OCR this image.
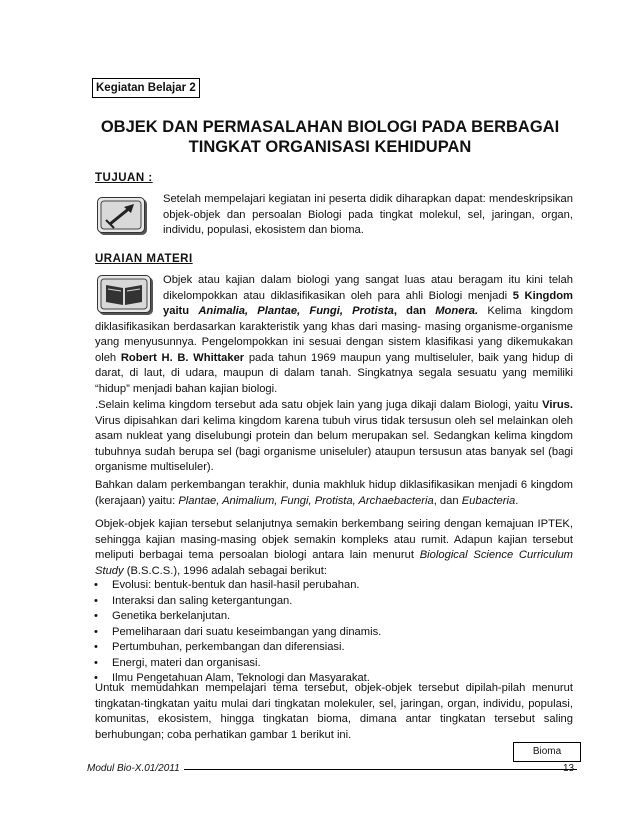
Kegiatan Belajar 2
OBJEK DAN PERMASALAHAN BIOLOGI PADA BERBAGAI
TINGKAT ORGANISASI KEHIDUPAN
TUJUAN :
Setelah mempelajari kegiatan ini peserta didik diharapkan dapat: mendeskripsikan objek-objek dan persoalan Biologi pada tingkat molekul, sel, jaringan, organ, individu, populasi, ekosistem dan bioma.
URAIAN MATERI
Objek atau kajian dalam biologi yang sangat luas atau beragam itu kini telah dikelompokkan atau diklasifikasikan oleh para ahli Biologi menjadi 5 Kingdom yaitu Animalia, Plantae, Fungi, Protista, dan Monera. Kelima kingdom diklasifikasikan berdasarkan karakteristik yang khas dari masing- masing organisme-organisme yang menyusunnya. Pengelompokkan ini sesuai dengan sistem klasifikasi yang dikemukakan oleh Robert H. B. Whittaker pada tahun 1969 maupun yang multiseluler, baik yang hidup di darat, di laut, di udara, maupun di dalam tanah. Singkatnya segala sesuatu yang memiliki “hidup” menjadi bahan kajian biologi.
.Selain kelima kingdom tersebut ada satu objek lain yang juga dikaji dalam Biologi, yaitu Virus. Virus dipisahkan dari kelima kingdom karena tubuh virus tidak tersusun oleh sel melainkan oleh asam nukleat yang diselubungi protein dan belum merupakan sel. Sedangkan kelima kingdom tubuhnya sudah berupa sel (bagi organisme uniseluler) ataupun tersusun atas banyak sel (bagi organisme multiseluler).
Bahkan dalam perkembangan terakhir, dunia makhluk hidup diklasifikasikan menjadi 6 kingdom (kerajaan) yaitu: Plantae, Animalium, Fungi, Protista, Archaebacteria, dan Eubacteria.
Objek-objek kajian tersebut selanjutnya semakin berkembang seiring dengan kemajuan IPTEK, sehingga kajian masing-masing objek semakin kompleks atau rumit. Adapun kajian tersebut meliputi berbagai tema persoalan biologi antara lain menurut Biological Science Curriculum Study (B.S.C.S.), 1996 adalah sebagai berikut:
• Evolusi: bentuk-bentuk dan hasil-hasil perubahan.
• Interaksi dan saling ketergantungan.
• Genetika berkelanjutan.
• Pemeliharaan dari suatu keseimbangan yang dinamis.
• Pertumbuhan, perkembangan dan diferensiasi.
• Energi, materi dan organisasi.
• Ilmu Pengetahuan Alam, Teknologi dan Masyarakat.
Untuk memudahkan mempelajari tema tersebut, objek-objek tersebut dipilah-pilah menurut tingkatan-tingkatan yaitu mulai dari tingkatan molekuler, sel, jaringan, organ, individu, populasi, komunitas, ekosistem, hingga tingkatan bioma, dimana antar tingkatan tersebut saling berhubungan; coba perhatikan gambar 1 berikut ini.
Bioma
Modul Bio-X.01/2011	13
